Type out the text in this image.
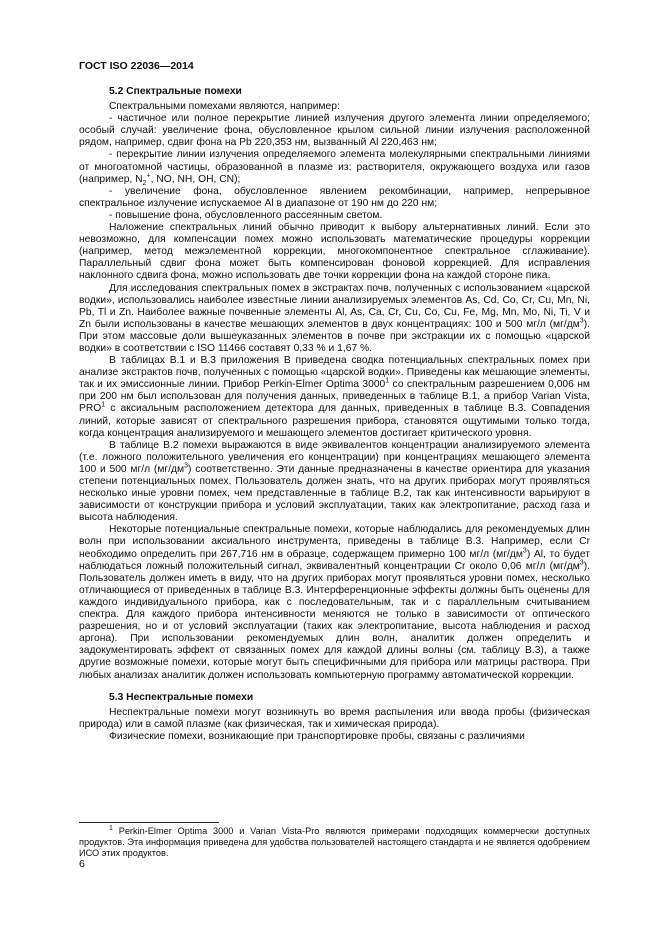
ГОСТ ISO 22036—2014
5.2 Спектральные помехи

Спектральными помехами являются, например:

- частичное или полное перекрытие линией излучения другого элемента линии определяемого; особый случай: увеличение фона, обусловленное крылом сильной линии излучения расположенной рядом, например, сдвиг фона на Pb 220,353 нм, вызванный Al 220,463 нм;

- перекрытие линии излучения определяемого элемента молекулярными спектральными линиями от многоатомной частицы, образованной в плазме из: растворителя, окружающего воздуха или газов (например, $N_2^+$, NO, NH, OH, CN);

- увеличение фона, обусловленное явлением рекомбинации, например, непрерывное спектральное излучение испускаемое Al в диапазоне от 190 нм до 220 нм;

- повышение фона, обусловленного рассеянным светом.

Наложение спектральных линий обычно приводит к выбору альтернативных линий. Если это невозможно, для компенсации помех можно использовать математические процедуры коррекции (например, метод межэлементной коррекции, многокомпонентное спектральное сглаживание). Параллельный сдвиг фона может быть компенсирован фоновой коррекцией. Для исправления наклонного сдвига фона, можно использовать две точки коррекции фона на каждой стороне пика.

Для исследования спектральных помех в экстрактах почв, полученных с использованием «царской водки», использовались наиболее известные линии анализируемых элементов As, Cd, Co, Cr, Cu, Mn, Ni, Pb, Tl и Zn. Наиболее важные почвенные элементы Al, As, Ca, Cr, Cu, Co, Cu, Fe, Mg, Mn, Mo, Ni, Ti, V и Zn были использованы в качестве мешающих элементов в двух концентрациях: 100 и 500 мг/л $(мг/дм^3)$. При этом массовые доли вышеуказанных элементов в почве при экстракции их с помощью «царской водки» в соответствии с ISO 11466 составят 0,33 % и 1,67 %.

В таблицах В.1 и В.3 приложения В приведена сводка потенциальных спектральных помех при анализе экстрактов почв, полученных с помощью «царской водки». Приведены как мешающие элементы, так и их эмиссионные линии. Прибор Perkin-Elmer Optima 3000$^1$ со спектральным разрешением 0,006 нм при 200 нм был использован для получения данных, приведенных в таблице В.1, а прибор Varian Vista, PRO$^1$ с аксиальным расположением детектора для данных, приведенных в таблице В.3. Совпадения линий, которые зависят от спектрального разрешения прибора, становятся ощутимыми только тогда, когда концентрация анализируемого и мешающего элементов достигает критического уровня.

В таблице В.2 помехи выражаются в виде эквивалентов концентрации анализируемого элемента (т.е. ложного положительного увеличения его концентрации) при концентрациях мешающего элемента 100 и 500 мг/л $(мг/дм^3)$ соответственно. Эти данные предназначены в качестве ориентира для указания степени потенциальных помех. Пользователь должен знать, что на других приборах могут проявляться несколько иные уровни помех, чем представленные в таблице В.2, так как интенсивности варьируют в зависимости от конструкции прибора и условий эксплуатации, таких как электропитание, расход газа и высота наблюдения.

Некоторые потенциальные спектральные помехи, которые наблюдались для рекомендуемых длин волн при использовании аксиального инструмента, приведены в таблице В.3. Например, если Cr необходимо определить при 267,716 нм в образце, содержащем примерно 100 мг/л $(мг/дм^3)$ Al, то будет наблюдаться ложный положительный сигнал, эквивалентный концентрации Cr около 0,06 мг/л $(мг/дм^3)$. Пользователь должен иметь в виду, что на других приборах могут проявляться уровни помех, несколько отличающиеся от приведенных в таблице В.3. Интерференционные эффекты должны быть оценены для каждого индивидуального прибора, как с последовательным, так и с параллельным считыванием спектра. Для каждого прибора интенсивности меняются не только в зависимости от оптического разрешения, но и от условий эксплуатации (таких как электропитание, высота наблюдения и расход аргона). При использовании рекомендуемых длин волн, аналитик должен определить и задокументировать эффект от связанных помех для каждой длины волны (см. таблицу В.3), а также другие возможные помехи, которые могут быть специфичными для прибора или матрицы раствора. При любых анализах аналитик должен использовать компьютерную программу автоматической коррекции.

5.3 Неспектральные помехи

Неспектральные помехи могут возникнуть во время распыления или ввода пробы (физическая природа) или в самой плазме (как физическая, так и химическая природа).

Физические помехи, возникающие при транспортировке пробы, связаны с различиями

$^1$ Perkin-Elmer Optima 3000 и Varian Vista-Pro являются примерами подходящих коммерчески доступных продуктов. Эта информация приведена для удобства пользователей настоящего стандарта и не является одобрением ИСО этих продуктов.
6
